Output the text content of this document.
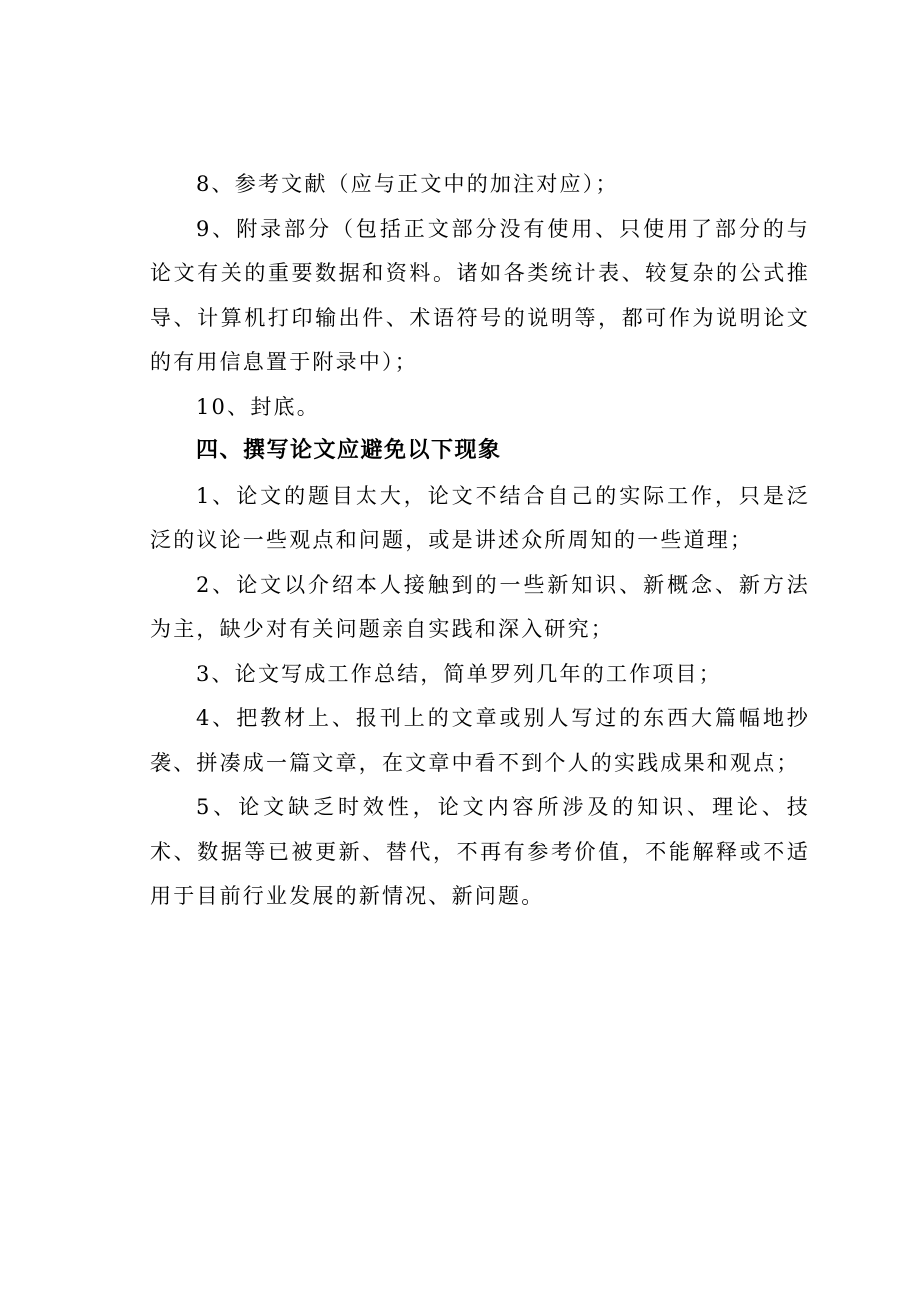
8、参考文献（应与正文中的加注对应）；

9、附录部分（包括正文部分没有使用、只使用了部分的与论文有关的重要数据和资料。诸如各类统计表、较复杂的公式推导、计算机打印输出件、术语符号的说明等，都可作为说明论文的有用信息置于附录中）；

10、封底。

四、撰写论文应避免以下现象

1、论文的题目太大，论文不结合自己的实际工作，只是泛泛的议论一些观点和问题，或是讲述众所周知的一些道理；

2、论文以介绍本人接触到的一些新知识、新概念、新方法为主，缺少对有关问题亲自实践和深入研究；

3、论文写成工作总结，简单罗列几年的工作项目；

4、把教材上、报刊上的文章或别人写过的东西大篇幅地抄袭、拼凑成一篇文章，在文章中看不到个人的实践成果和观点；

5、论文缺乏时效性，论文内容所涉及的知识、理论、技术、数据等已被更新、替代，不再有参考价值，不能解释或不适用于目前行业发展的新情况、新问题。
